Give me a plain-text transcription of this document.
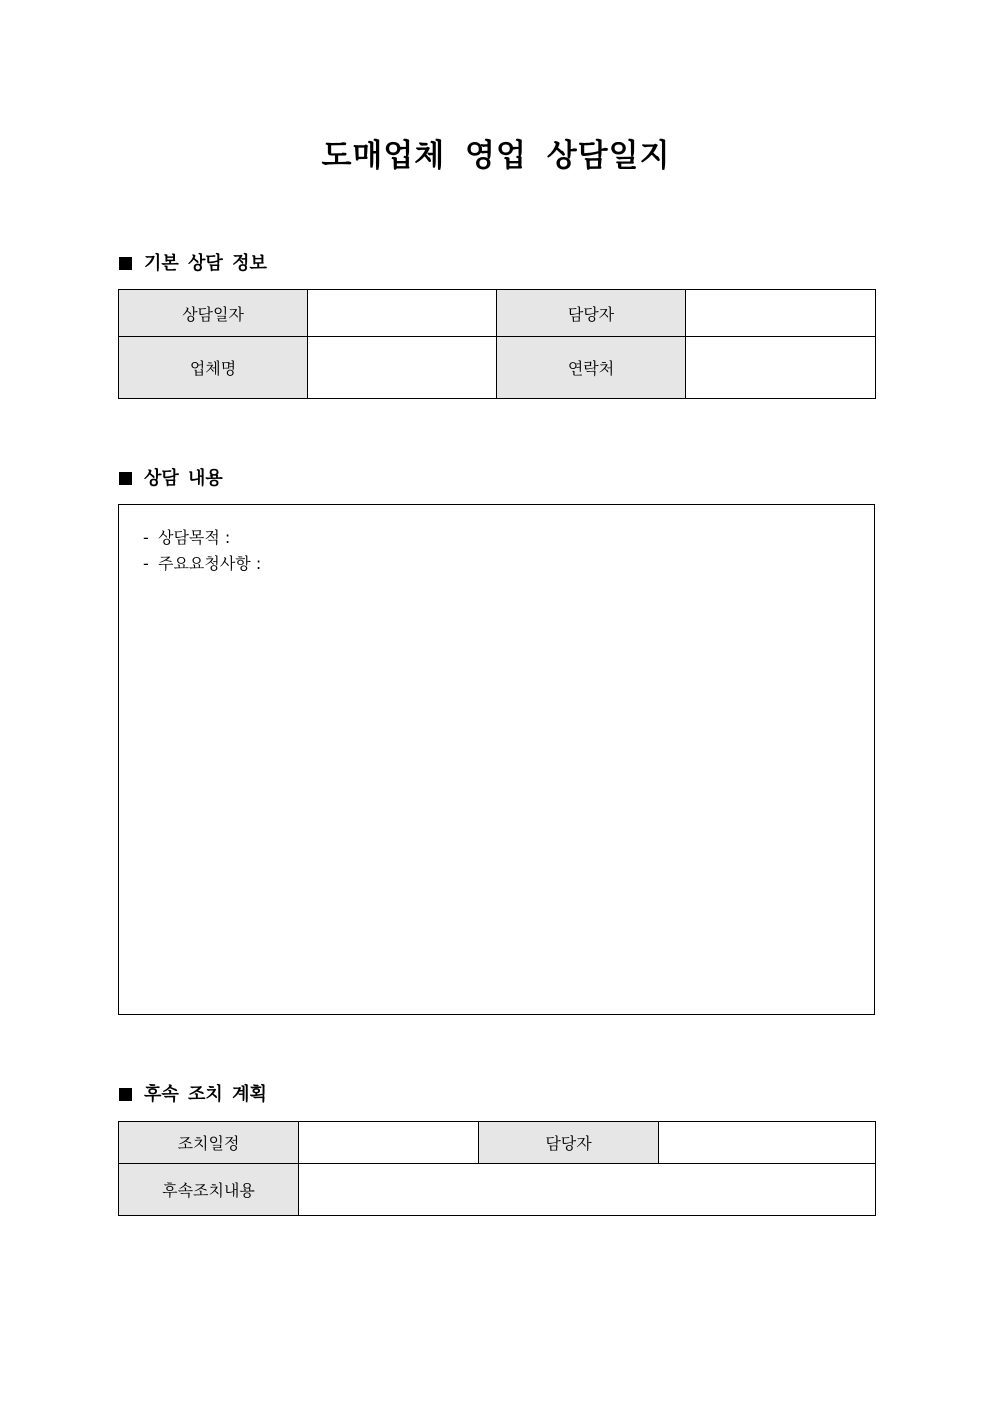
도매업체 영업 상담일지
기본 상담 정보
상담일자		담당자	
업체명		연락처	
상담 내용
- 상담목적 :
- 주요요청사항 :
후속 조치 계획
조치일정		담당자	
후속조치내용			
